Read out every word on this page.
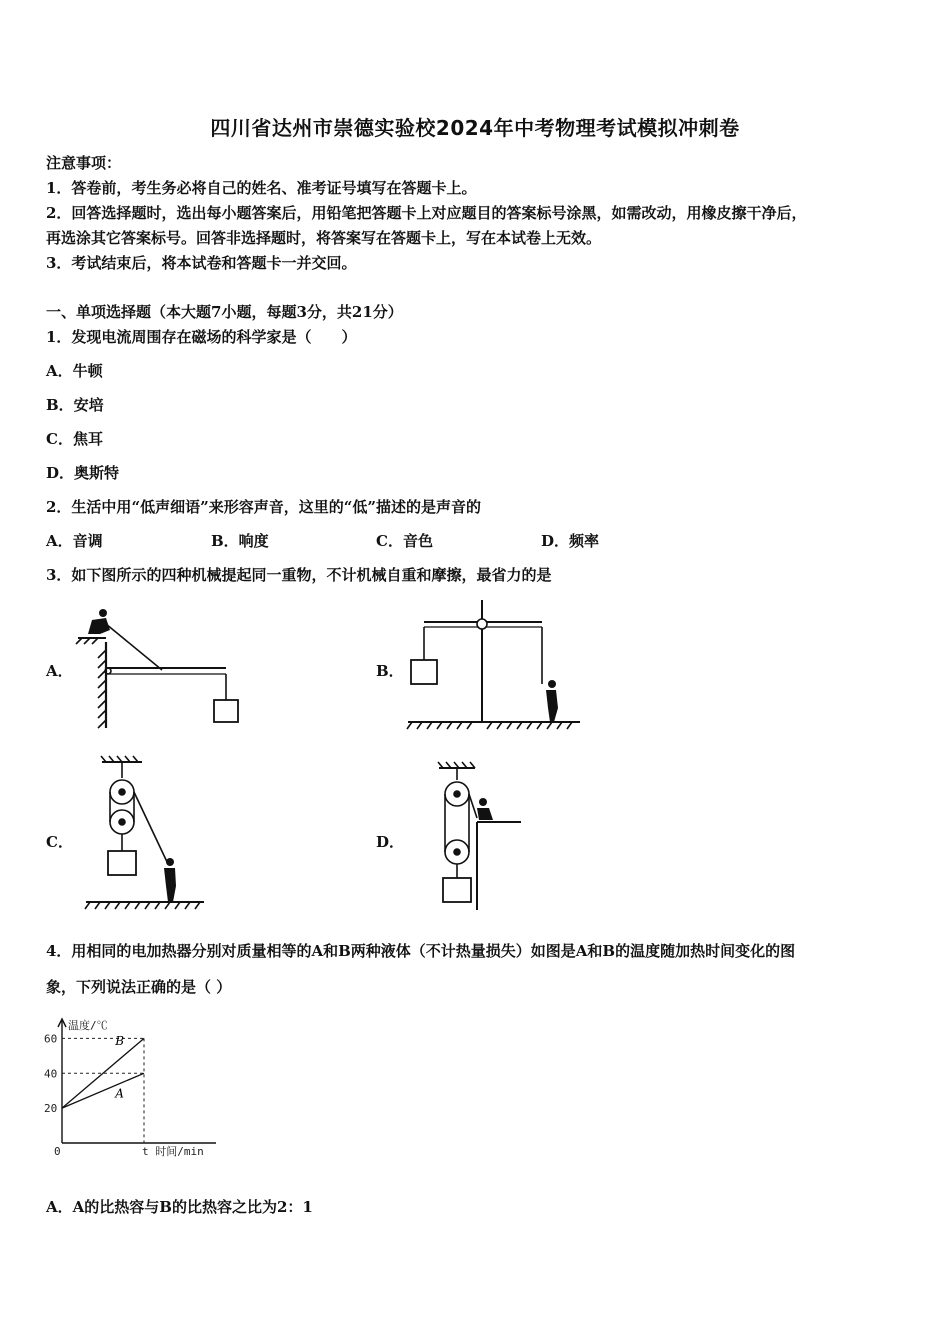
四川省达州市崇德实验校2024年中考物理考试模拟冲刺卷
注意事项：
1．答卷前，考生务必将自己的姓名、准考证号填写在答题卡上。
2．回答选择题时，选出每小题答案后，用铅笔把答题卡上对应题目的答案标号涂黑，如需改动，用橡皮擦干净后，
再选涂其它答案标号。回答非选择题时，将答案写在答题卡上，写在本试卷上无效。
3．考试结束后，将本试卷和答题卡一并交回。
一、单项选择题（本大题7小题，每题3分，共21分）
1．发现电流周围存在磁场的科学家是（　　）
A．牛顿
B．安培
C．焦耳
D．奥斯特
2．生活中用“低声细语”来形容声音，这里的“低”描述的是声音的
A．音调	B．响度	C．音色	D．频率
3．如下图所示的四种机械提起同一重物，不计机械自重和摩擦，最省力的是
A．	B．
C．	D．
4．用相同的电加热器分别对质量相等的A和B两种液体（不计热量损失）如图是A和B的温度随加热时间变化的图
象，下列说法正确的是（ ）
温度/℃
t 时间/min
0
20
40
60	B
A
A．A的比热容与B的比热容之比为2：1
